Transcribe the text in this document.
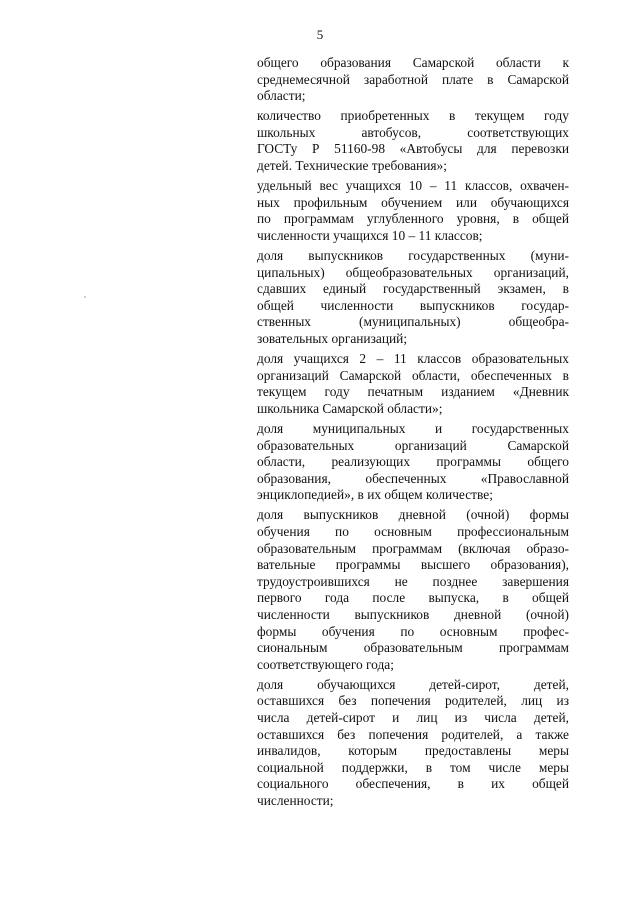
5
общего образования Самарской области к
среднемесячной заработной плате в Самарской
области;
количество приобретенных в текущем году
школьных автобусов, соответствующих
ГОСТу Р 51160-98 «Автобусы для перевозки
детей. Технические требования»;
удельный вес учащихся 10 – 11 классов, охвачен-
ных профильным обучением или обучающихся
по программам углубленного уровня, в общей
численности учащихся 10 – 11 классов;
доля выпускников государственных (муни-
ципальных) общеобразовательных организаций,
сдавших единый государственный экзамен, в
общей численности выпускников государ-
ственных (муниципальных) общеобра-
зовательных организаций;
доля учащихся 2 – 11 классов образовательных
организаций Самарской области, обеспеченных в
текущем году печатным изданием «Дневник
школьника Самарской области»;
доля муниципальных и государственных
образовательных организаций Самарской
области, реализующих программы общего
образования, обеспеченных «Православной
энциклопедией», в их общем количестве;
доля выпускников дневной (очной) формы
обучения по основным профессиональным
образовательным программам (включая образо-
вательные программы высшего образования),
трудоустроившихся не позднее завершения
первого года после выпуска, в общей
численности выпускников дневной (очной)
формы обучения по основным профес-
сиональным образовательным программам
соответствующего года;
доля обучающихся детей-сирот, детей,
оставшихся без попечения родителей, лиц из
числа детей-сирот и лиц из числа детей,
оставшихся без попечения родителей, а также
инвалидов, которым предоставлены меры
социальной поддержки, в том числе меры
социального обеспечения, в их общей
численности;
